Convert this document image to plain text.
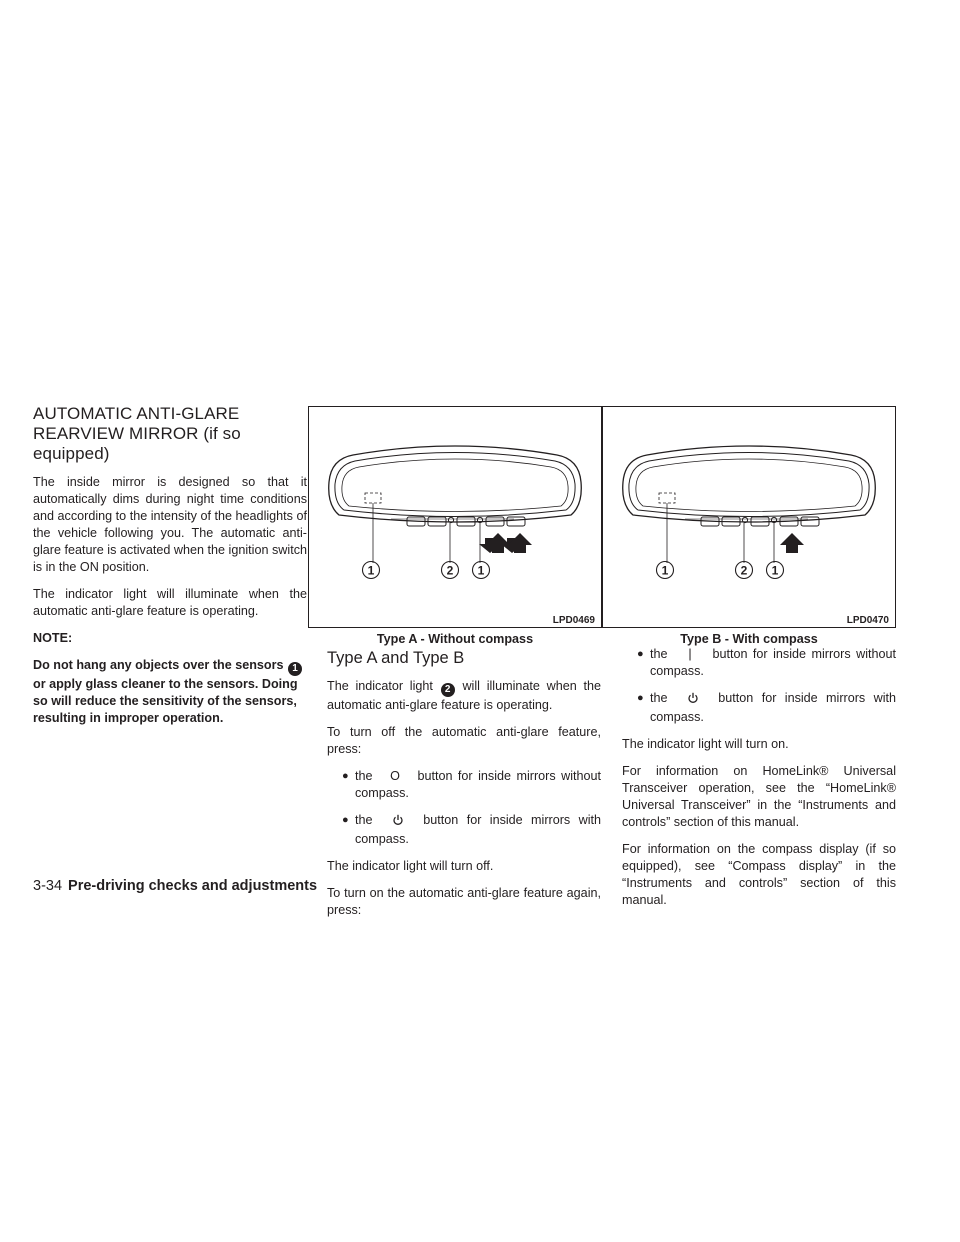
AUTOMATIC ANTI-GLARE
REARVIEW MIRROR (if so equipped)

The inside mirror is designed so that it automatically dims during night time conditions and according to the intensity of the headlights of the vehicle following you. The automatic anti-glare feature is activated when the ignition switch is in the ON position.

The indicator light will illuminate when the automatic anti-glare feature is operating.

NOTE:

Do not hang any objects over the sensors 1 or apply glass cleaner to the sensors. Doing so will reduce the sensitivity of the sensors, resulting in improper operation.

1	2 1
LPD0469
Type A - Without compass
1	2 1
LPD0470
Type B - With compass
Type A and Type B

The indicator light 2 will illuminate when the automatic anti-glare feature is operating.

To turn off the automatic anti-glare feature, press:

● the O button for inside mirrors without compass.
● the	button for inside mirrors with compass.

The indicator light will turn off.

To turn on the automatic anti-glare feature again, press:

● the | button for inside mirrors without compass.
● the	button for inside mirrors with compass.

The indicator light will turn on.

For information on HomeLink® Universal Transceiver operation, see the “HomeLink® Universal Transceiver” in the “Instruments and controls” section of this manual.

For information on the compass display (if so equipped), see “Compass display” in the “Instruments and controls” section of this manual.

3-34 Pre-driving checks and adjustments
